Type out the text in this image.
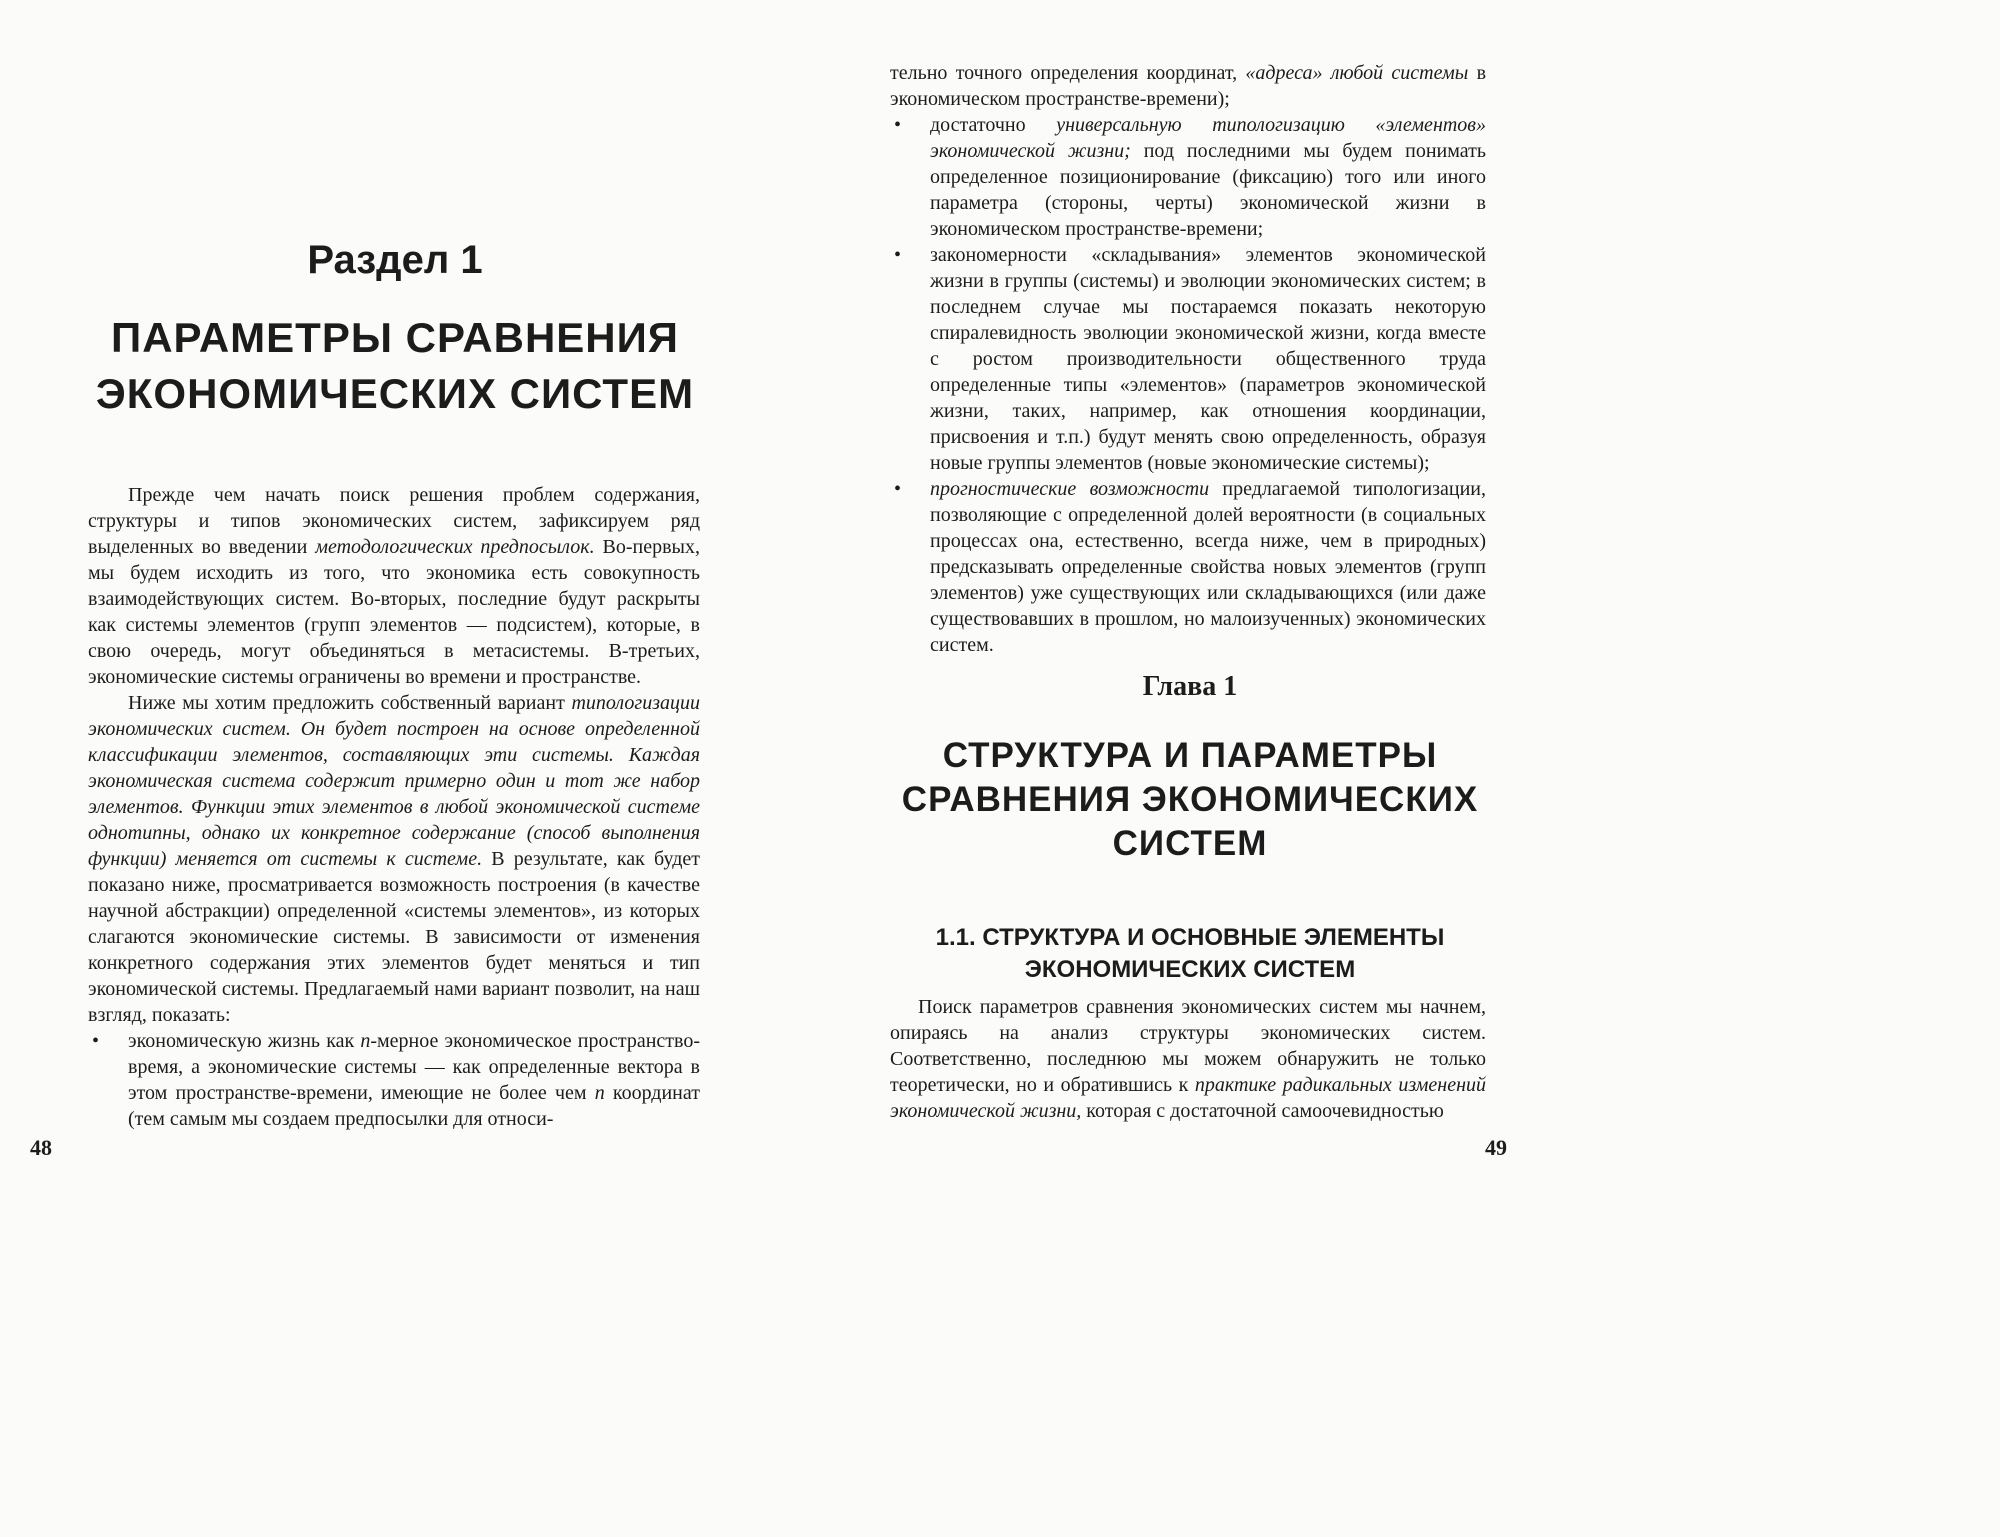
Раздел 1
ПАРАМЕТРЫ СРАВНЕНИЯ
ЭКОНОМИЧЕСКИХ СИСТЕМ

Прежде чем начать поиск решения проблем содержания, структуры и типов экономических систем, зафиксируем ряд выделенных во введении методологических предпосылок. Во-первых, мы будем исходить из того, что экономика есть совокупность взаимодействующих систем. Во-вторых, последние будут раскрыты как системы элементов (групп элементов — подсистем), которые, в свою очередь, могут объединяться в метасистемы. В-третьих, экономические системы ограничены во времени и пространстве.

Ниже мы хотим предложить собственный вариант типологизации экономических систем. Он будет построен на основе определенной классификации элементов, составляющих эти системы. Каждая экономическая система содержит примерно один и тот же набор элементов. Функции этих элементов в любой экономической системе однотипны, однако их конкретное содержание (способ выполнения функции) меняется от системы к системе. В результате, как будет показано ниже, просматривается возможность построения (в качестве научной абстракции) определенной «системы элементов», из которых слагаются экономические системы. В зависимости от изменения конкретного содержания этих элементов будет меняться и тип экономической системы. Предлагаемый нами вариант позволит, на наш взгляд, показать:

• экономическую жизнь как n-мерное экономическое пространство-время, а экономические системы — как определенные вектора в этом пространстве-времени, имеющие не более чем n координат (тем самым мы создаем предпосылки для относи-

48

тельно точного определения координат, «адреса» любой системы в экономическом пространстве-времени);

• достаточно универсальную типологизацию «элементов» экономической жизни; под последними мы будем понимать определенное позиционирование (фиксацию) того или иного параметра (стороны, черты) экономической жизни в экономическом пространстве-времени;

• закономерности «складывания» элементов экономической жизни в группы (системы) и эволюции экономических систем; в последнем случае мы постараемся показать некоторую спиралевидность эволюции экономической жизни, когда вместе с ростом производительности общественного труда определенные типы «элементов» (параметров экономической жизни, таких, например, как отношения координации, присвоения и т.п.) будут менять свою определенность, образуя новые группы элементов (новые экономические системы);

• прогностические возможности предлагаемой типологизации, позволяющие с определенной долей вероятности (в социальных процессах она, естественно, всегда ниже, чем в природных) предсказывать определенные свойства новых элементов (групп элементов) уже существующих или складывающихся (или даже существовавших в прошлом, но малоизученных) экономических систем.

Глава 1
СТРУКТУРА И ПАРАМЕТРЫ
СРАВНЕНИЯ ЭКОНОМИЧЕСКИХ
СИСТЕМ
1.1. СТРУКТУРА И ОСНОВНЫЕ ЭЛЕМЕНТЫ
ЭКОНОМИЧЕСКИХ СИСТЕМ

Поиск параметров сравнения экономических систем мы начнем, опираясь на анализ структуры экономических систем. Соответственно, последнюю мы можем обнаружить не только теоретически, но и обратившись к практике радикальных изменений экономической жизни, которая с достаточной самоочевидностью

49
